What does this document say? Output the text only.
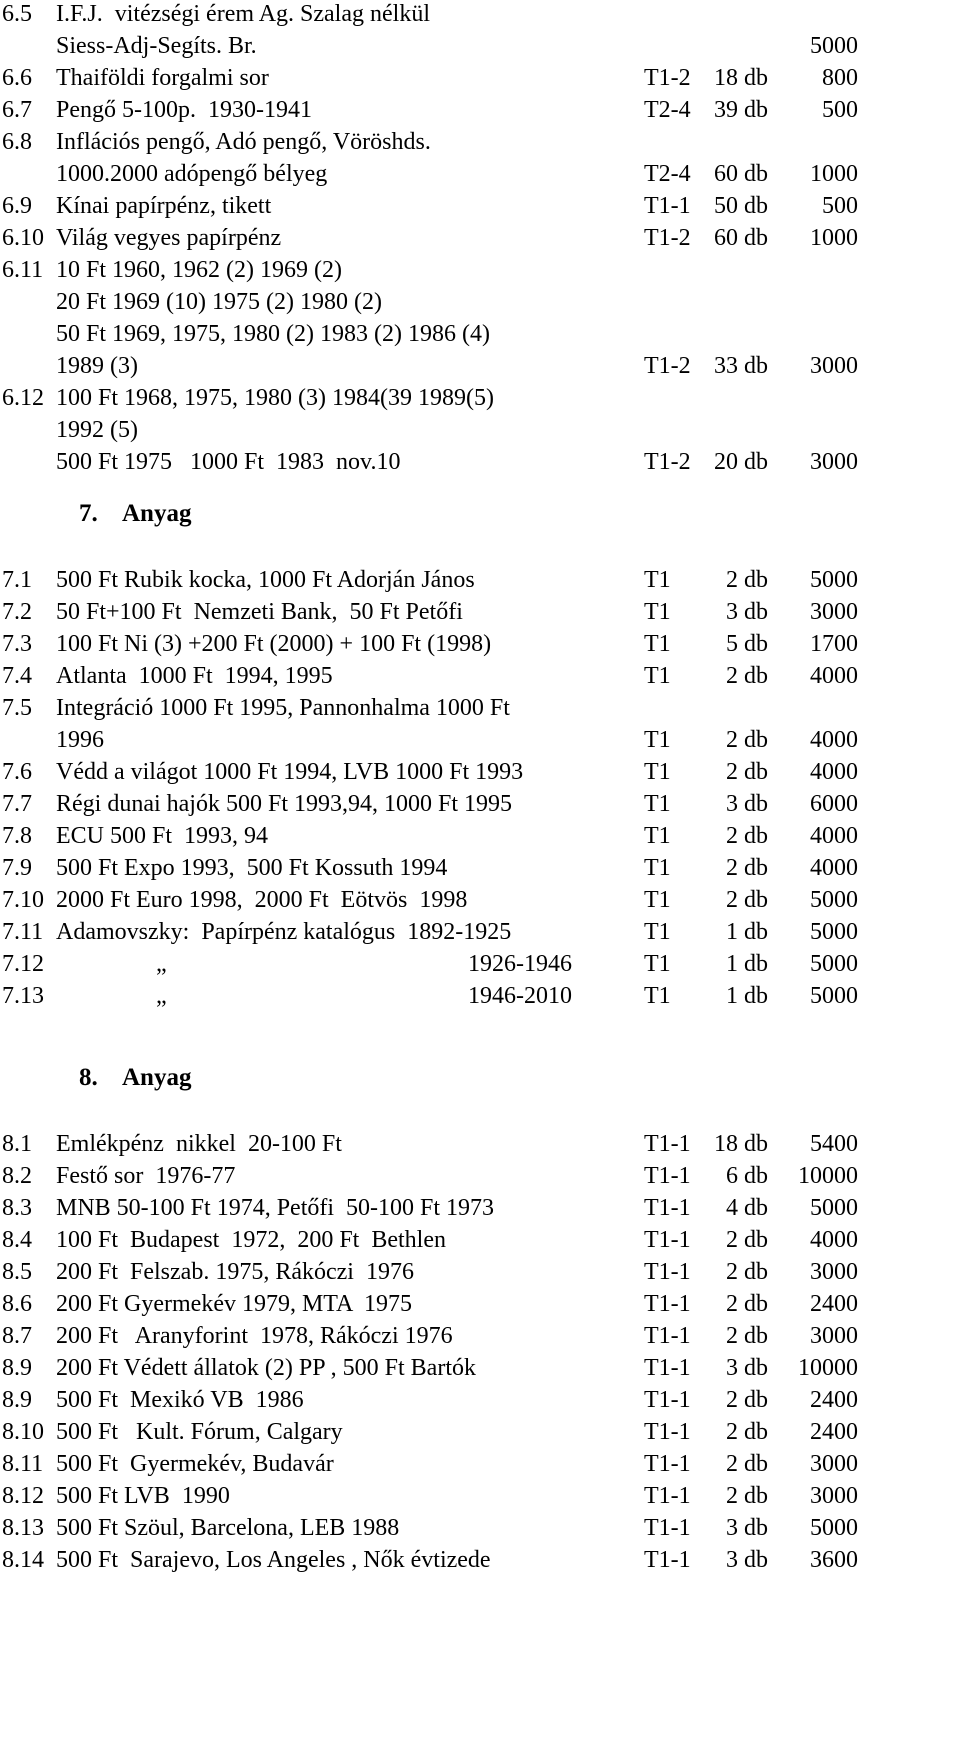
6.5 I.F.J.  vitézségi érem Ag. Szalag nélkül
Siess-Adj-Segíts. Br.	5000
6.6 Thaiföldi forgalmi sor	T1-2 18 db	800
6.7 Pengő 5-100p.  1930-1941	T2-4 39 db	500
6.8 Inflációs pengő, Adó pengő, Vöröshds.
1000.2000 adópengő bélyeg	T2-4 60 db	1000
6.9 Kínai papírpénz, tikett	T1-1 50 db	500
6.10 Világ vegyes papírpénz	T1-2 60 db	1000
6.11 10 Ft 1960, 1962 (2) 1969 (2)
20 Ft 1969 (10) 1975 (2) 1980 (2)
50 Ft 1969, 1975, 1980 (2) 1983 (2) 1986 (4)
1989 (3)	T1-2 33 db	3000
6.12 100 Ft 1968, 1975, 1980 (3) 1984(39 1989(5)
1992 (5)
500 Ft 1975   1000 Ft  1983  nov.10	T1-2 20 db	3000
7.1 500 Ft Rubik kocka, 1000 Ft Adorján János	T1	2 db	5000
7.2 50 Ft+100 Ft  Nemzeti Bank,  50 Ft Petőfi	T1	3 db	3000
7.3 100 Ft Ni (3) +200 Ft (2000) + 100 Ft (1998)	T1	5 db	1700
7.4 Atlanta  1000 Ft  1994, 1995	T1	2 db	4000
7.5 Integráció 1000 Ft 1995, Pannonhalma 1000 Ft
1996	T1	2 db	4000
7.6 Védd a világot 1000 Ft 1994, LVB 1000 Ft 1993	T1	2 db	4000
7.7 Régi dunai hajók 500 Ft 1993,94, 1000 Ft 1995	T1	3 db	6000
7.8 ECU 500 Ft  1993, 94	T1	2 db	4000
7.9 500 Ft Expo 1993,  500 Ft Kossuth 1994	T1	2 db	4000
7.10 2000 Ft Euro 1998,  2000 Ft  Eötvös  1998	T1	2 db	5000
7.11 Adamovszky:  Papírpénz katalógus  1892-1925	T1	1 db	5000
7.12	„	1926-1946	T1	1 db	5000
7.13	„	1946-2010	T1	1 db	5000
8.1 Emlékpénz  nikkel  20-100 Ft	T1-1 18 db	5400
8.2 Festő sor  1976-77	T1-1	6 db	10000
8.3 MNB 50-100 Ft 1974, Petőfi  50-100 Ft 1973	T1-1	4 db	5000
8.4 100 Ft  Budapest  1972,  200 Ft  Bethlen	T1-1	2 db	4000
8.5 200 Ft  Felszab. 1975, Rákóczi  1976	T1-1	2 db	3000
8.6 200 Ft Gyermekév 1979, MTA  1975	T1-1	2 db	2400
8.7 200 Ft   Aranyforint  1978, Rákóczi 1976	T1-1	2 db	3000
8.9 200 Ft Védett állatok (2) PP , 500 Ft Bartók	T1-1	3 db	10000
8.9 500 Ft  Mexikó VB  1986	T1-1	2 db	2400
8.10 500 Ft   Kult. Fórum, Calgary	T1-1	2 db	2400
8.11 500 Ft  Gyermekév, Budavár	T1-1	2 db	3000
8.12 500 Ft LVB  1990	T1-1	2 db	3000
8.13 500 Ft Szöul, Barcelona, LEB 1988	T1-1	3 db	5000
8.14 500 Ft  Sarajevo, Los Angeles , Nők évtizede	T1-1	3 db	3600
7. Anyag
8. Anyag
